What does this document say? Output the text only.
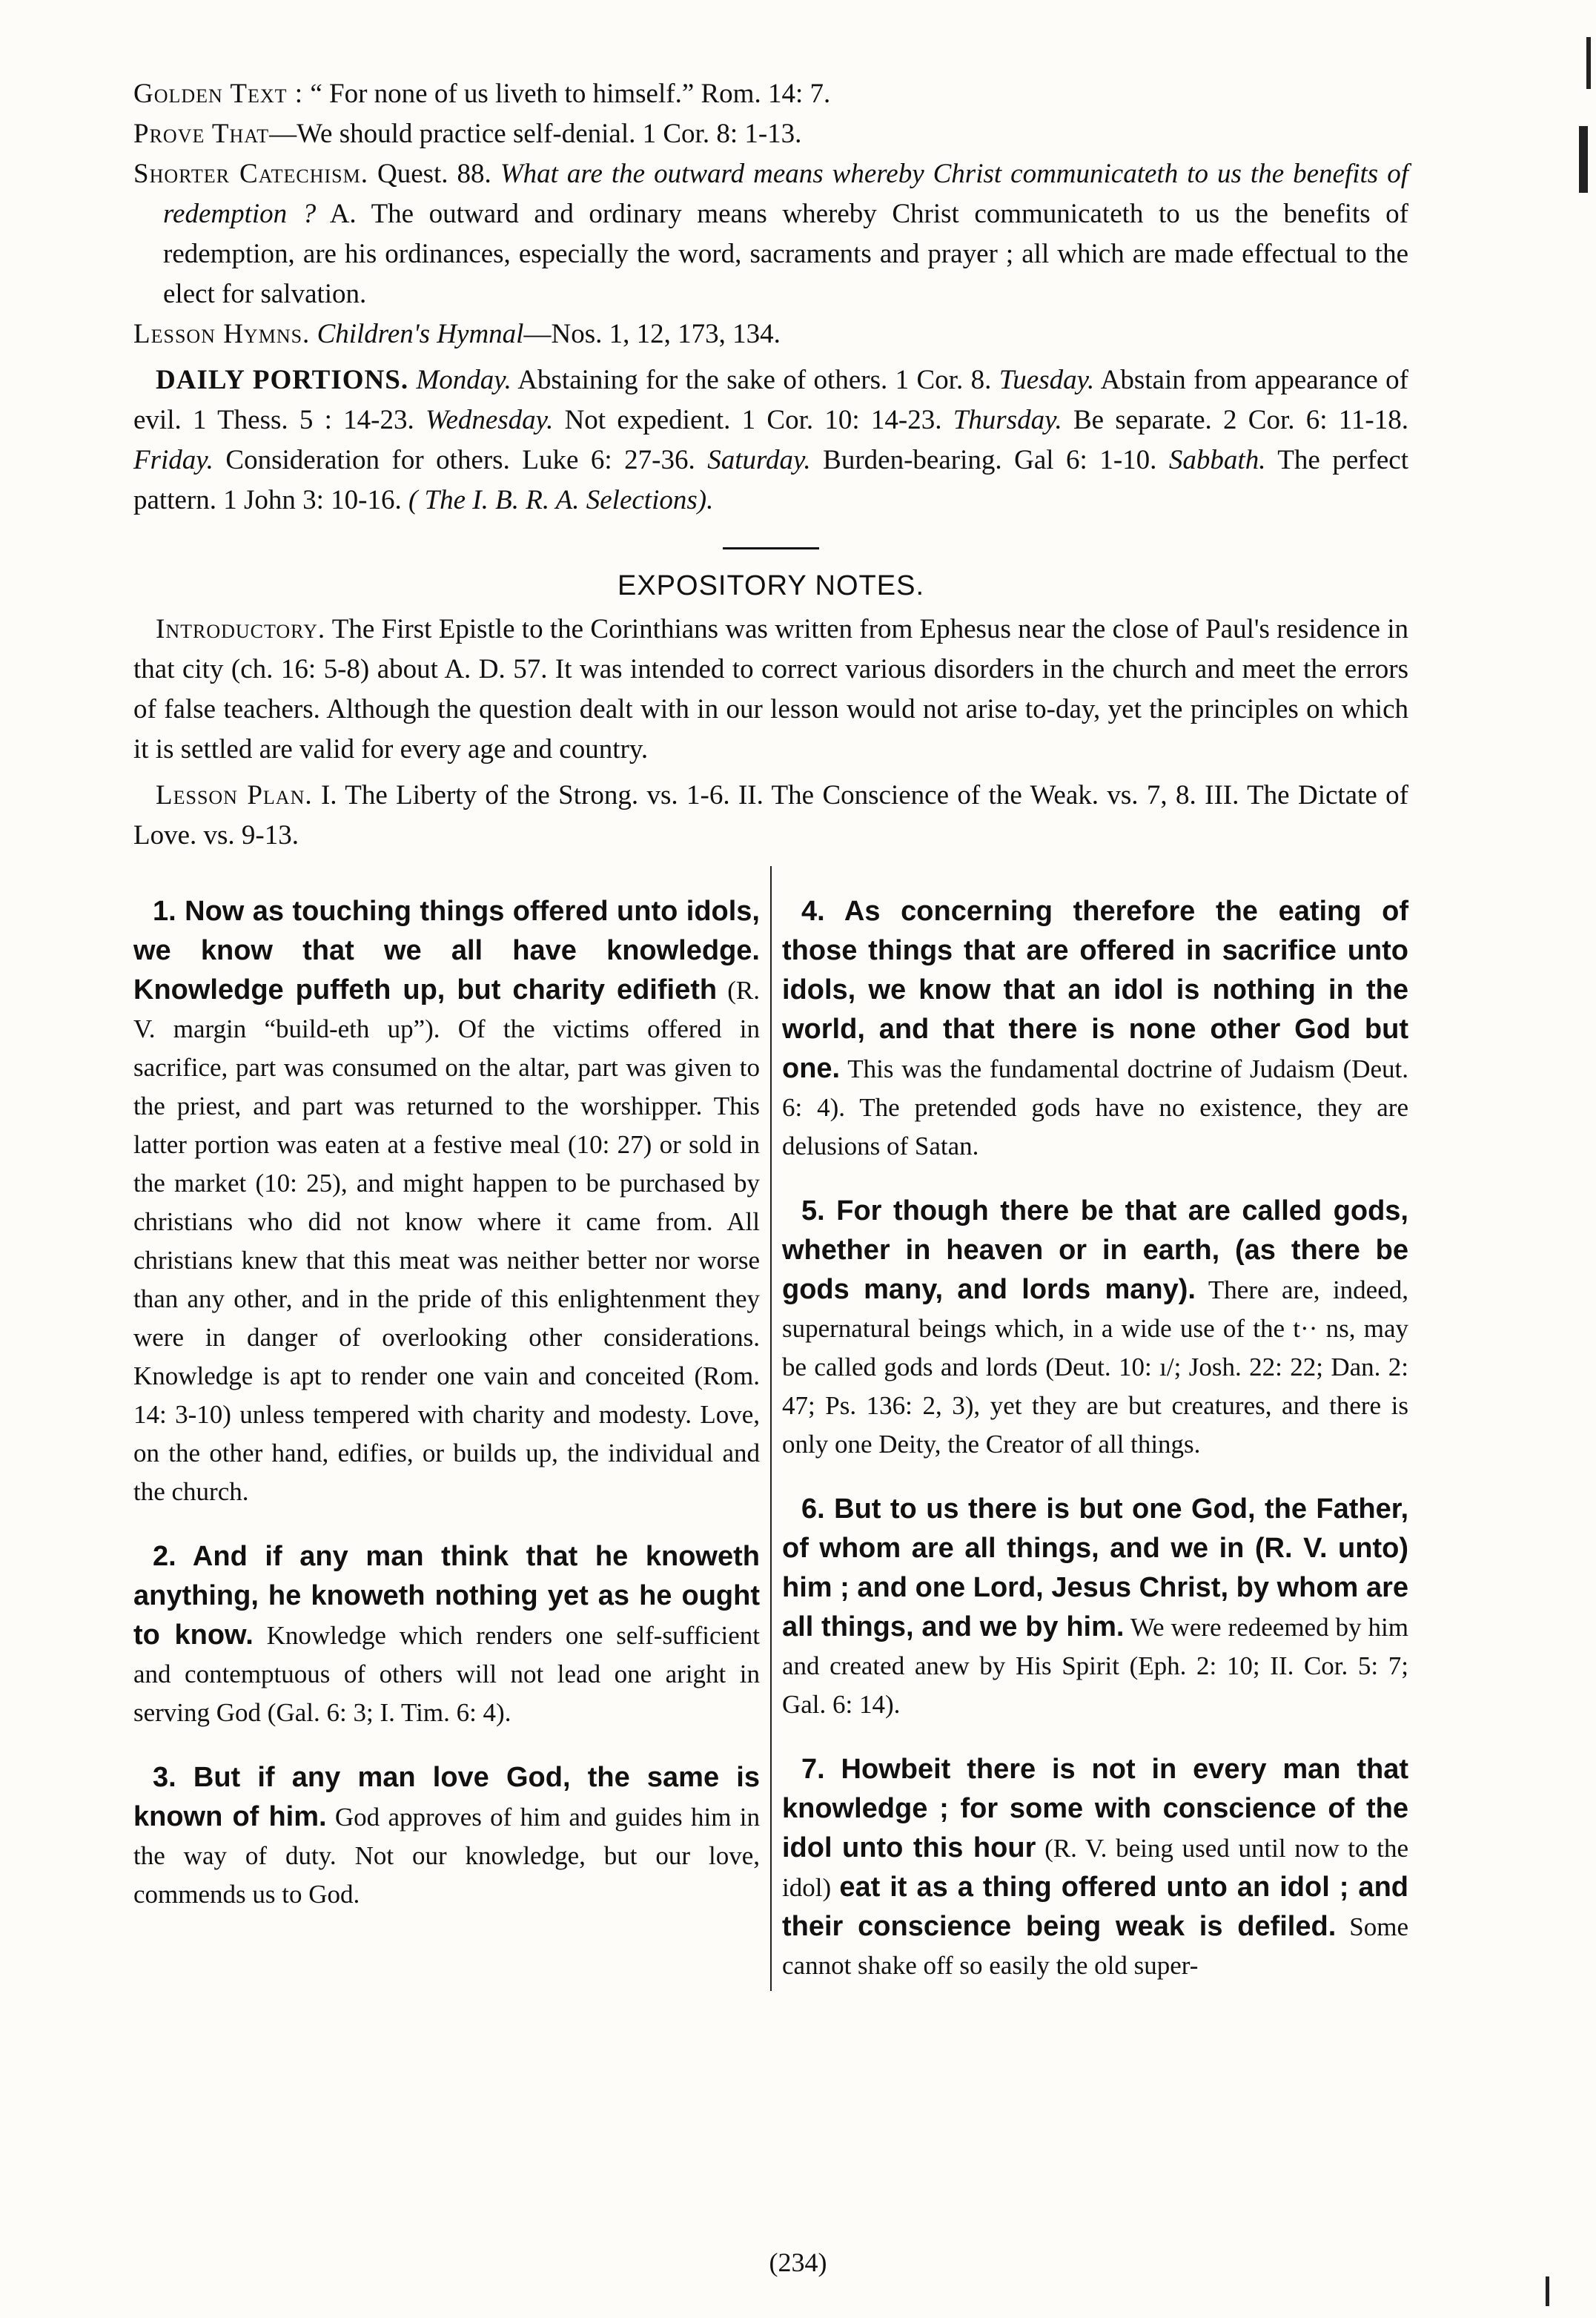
Golden Text : “ For none of us liveth to himself.” Rom. 14: 7.
Prove That—We should practice self-denial. 1 Cor. 8: 1-13.
Shorter Catechism. Quest. 88. What are the outward means whereby Christ communicateth to us the benefits of redemption ? A. The outward and ordinary means whereby Christ communicateth to us the benefits of redemption, are his ordinances, especially the word, sacraments and prayer ; all which are made effectual to the elect for salvation.
Lesson Hymns. Children's Hymnal—Nos. 1, 12, 173, 134.
DAILY PORTIONS. Monday. Abstaining for the sake of others. 1 Cor. 8. Tuesday. Abstain from appearance of evil. 1 Thess. 5 : 14-23. Wednesday. Not expedient. 1 Cor. 10: 14-23. Thursday. Be separate. 2 Cor. 6: 11-18. Friday. Consideration for others. Luke 6: 27-36. Saturday. Burden-bearing. Gal 6: 1-10. Sabbath. The perfect pattern. 1 John 3: 10-16. ( The I. B. R. A. Selections).
EXPOSITORY NOTES.
Introductory. The First Epistle to the Corinthians was written from Ephesus near the close of Paul's residence in that city (ch. 16: 5-8) about A. D. 57. It was intended to correct various disorders in the church and meet the errors of false teachers. Although the question dealt with in our lesson would not arise to-day, yet the principles on which it is settled are valid for every age and country.
Lesson Plan. I. The Liberty of the Strong. vs. 1-6. II. The Conscience of the Weak. vs. 7, 8. III. The Dictate of Love. vs. 9-13.

1. Now as touching things offered unto idols, we know that we all have knowledge. Knowledge puffeth up, but charity edifieth (R. V. margin “build-eth up”). Of the victims offered in sacrifice, part was consumed on the altar, part was given to the priest, and part was returned to the worshipper. This latter portion was eaten at a festive meal (10: 27) or sold in the market (10: 25), and might happen to be purchased by christians who did not know where it came from. All christians knew that this meat was neither better nor worse than any other, and in the pride of this enlightenment they were in danger of overlooking other considerations. Knowledge is apt to render one vain and conceited (Rom. 14: 3-10) unless tempered with charity and modesty. Love, on the other hand, edifies, or builds up, the individual and the church.

2. And if any man think that he knoweth anything, he knoweth nothing yet as he ought to know. Knowledge which renders one self-sufficient and contemptuous of others will not lead one aright in serving God (Gal. 6: 3; I. Tim. 6: 4).

3. But if any man love God, the same is known of him. God approves of him and guides him in the way of duty. Not our knowledge, but our love, commends us to God.

4. As concerning therefore the eating of those things that are offered in sacrifice unto idols, we know that an idol is nothing in the world, and that there is none other God but one. This was the fundamental doctrine of Judaism (Deut. 6: 4). The pretended gods have no existence, they are delusions of Satan.

5. For though there be that are called gods, whether in heaven or in earth, (as there be gods many, and lords many). There are, indeed, supernatural beings which, in a wide use of the t·· ns, may be called gods and lords (Deut. 10: ı/; Josh. 22: 22; Dan. 2: 47; Ps. 136: 2, 3), yet they are but creatures, and there is only one Deity, the Creator of all things.

6. But to us there is but one God, the Father, of whom are all things, and we in (R. V. unto) him ; and one Lord, Jesus Christ, by whom are all things, and we by him. We were redeemed by him and created anew by His Spirit (Eph. 2: 10; II. Cor. 5: 7; Gal. 6: 14).

7. Howbeit there is not in every man that knowledge ; for some with conscience of the idol unto this hour (R. V. being used until now to the idol) eat it as a thing offered unto an idol ; and their conscience being weak is defiled. Some cannot shake off so easily the old super-

(234)
